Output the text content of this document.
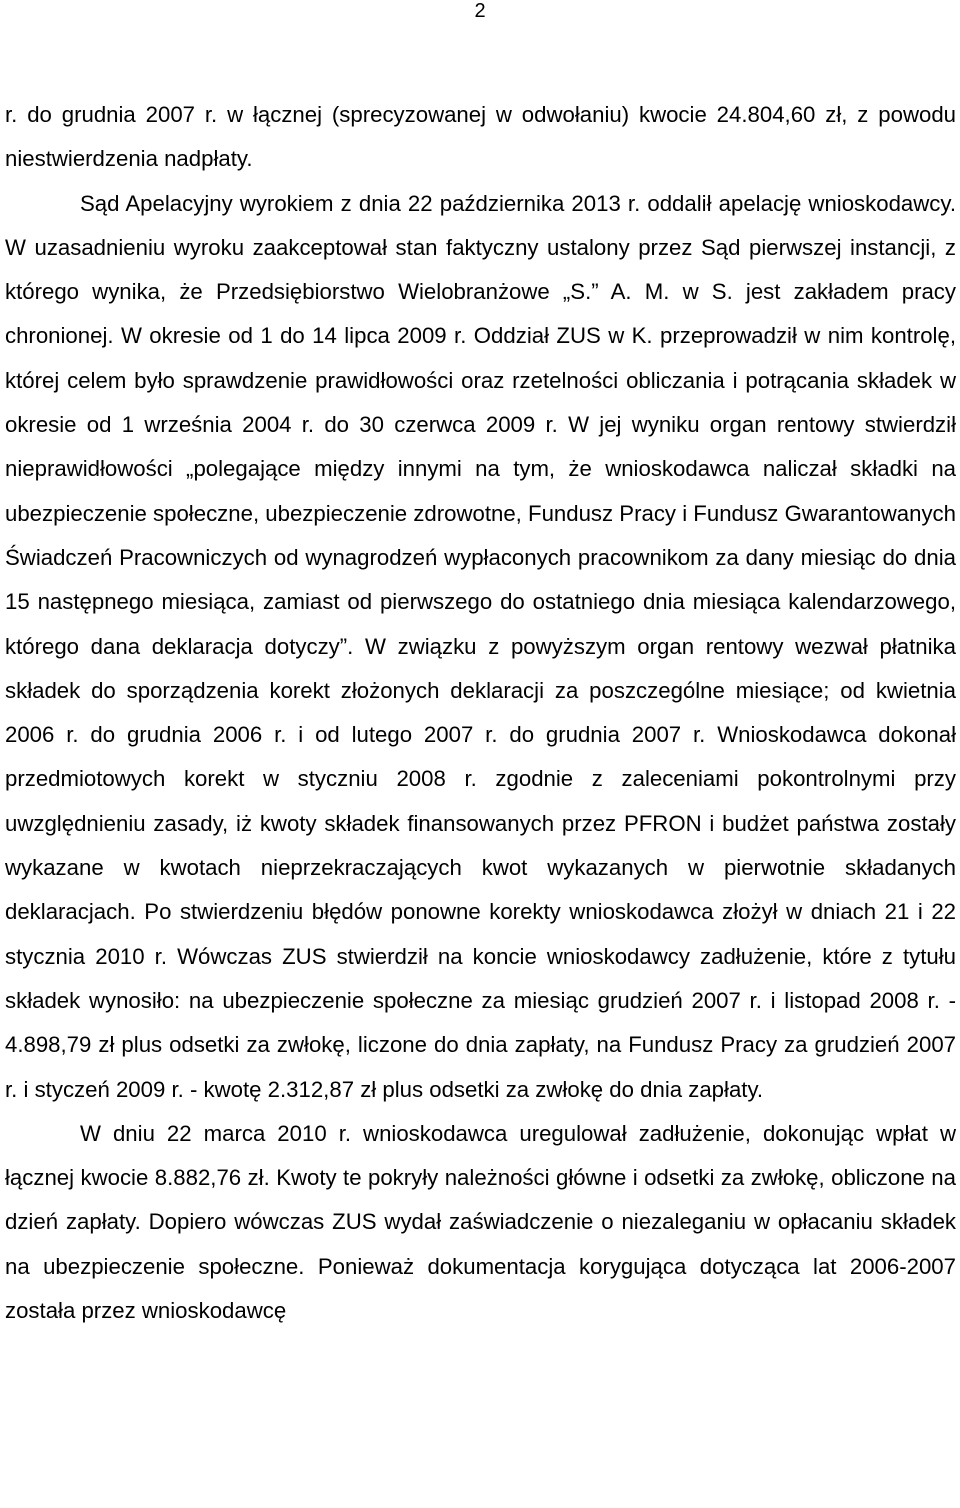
2

r. do grudnia 2007 r. w łącznej (sprecyzowanej w odwołaniu) kwocie 24.804,60 zł, z powodu niestwierdzenia nadpłaty.

Sąd Apelacyjny wyrokiem z dnia 22 października 2013 r. oddalił apelację wnioskodawcy. W uzasadnieniu wyroku zaakceptował stan faktyczny ustalony przez Sąd pierwszej instancji, z którego wynika, że Przedsiębiorstwo Wielobranżowe „S.” A. M. w S. jest zakładem pracy chronionej. W okresie od 1 do 14 lipca 2009 r. Oddział ZUS w K. przeprowadził w nim kontrolę, której celem było sprawdzenie prawidłowości oraz rzetelności obliczania i potrącania składek w okresie od 1 września 2004 r. do 30 czerwca 2009 r. W jej wyniku organ rentowy stwierdził nieprawidłowości „polegające między innymi na tym, że wnioskodawca naliczał składki na ubezpieczenie społeczne, ubezpieczenie zdrowotne, Fundusz Pracy i Fundusz Gwarantowanych Świadczeń Pracowniczych od wynagrodzeń wypłaconych pracownikom za dany miesiąc do dnia 15 następnego miesiąca, zamiast od pierwszego do ostatniego dnia miesiąca kalendarzowego, którego dana deklaracja dotyczy”. W związku z powyższym organ rentowy wezwał płatnika składek do sporządzenia korekt złożonych deklaracji za poszczególne miesiące; od kwietnia 2006 r. do grudnia 2006 r. i od lutego 2007 r. do grudnia 2007 r. Wnioskodawca dokonał przedmiotowych korekt w styczniu 2008 r. zgodnie z zaleceniami pokontrolnymi przy uwzględnieniu zasady, iż kwoty składek finansowanych przez PFRON i budżet państwa zostały wykazane w kwotach nieprzekraczających kwot wykazanych w pierwotnie składanych deklaracjach. Po stwierdzeniu błędów ponowne korekty wnioskodawca złożył w dniach 21 i 22 stycznia 2010 r. Wówczas ZUS stwierdził na koncie wnioskodawcy zadłużenie, które z tytułu składek wynosiło: na ubezpieczenie społeczne za miesiąc grudzień 2007 r. i listopad 2008 r. - 4.898,79 zł plus odsetki za zwłokę, liczone do dnia zapłaty, na Fundusz Pracy za grudzień 2007 r. i styczeń 2009 r. - kwotę 2.312,87 zł plus odsetki za zwłokę do dnia zapłaty.

W dniu 22 marca 2010 r. wnioskodawca uregulował zadłużenie, dokonując wpłat w łącznej kwocie 8.882,76 zł. Kwoty te pokryły należności główne i odsetki za zwłokę, obliczone na dzień zapłaty. Dopiero wówczas ZUS wydał zaświadczenie o niezaleganiu w opłacaniu składek na ubezpieczenie społeczne. Ponieważ dokumentacja korygująca dotycząca lat 2006-2007 została przez wnioskodawcę
